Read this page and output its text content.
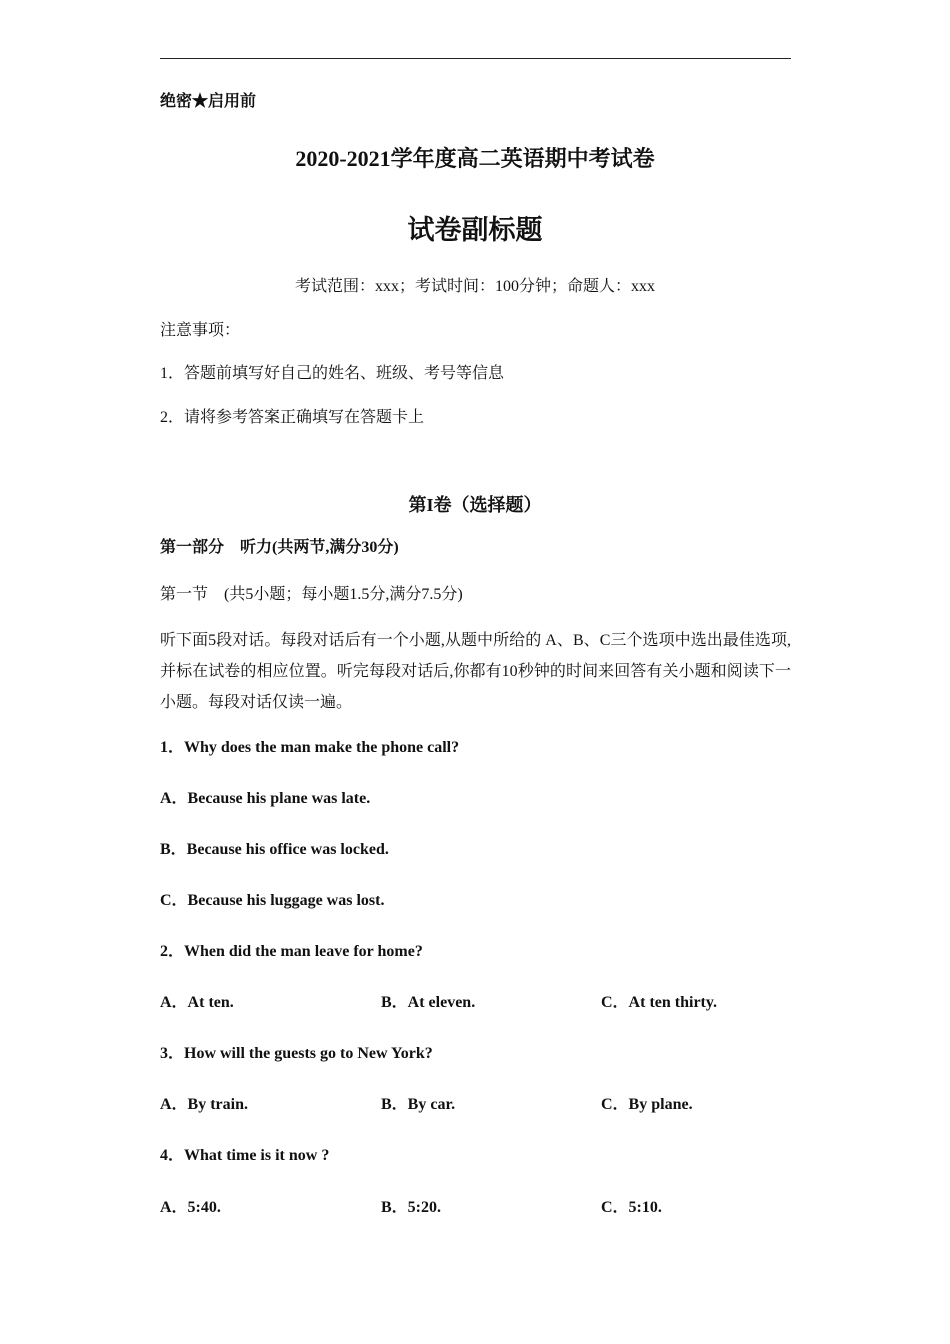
绝密★启用前
2020-2021学年度高二英语期中考试卷
试卷副标题
考试范围：xxx；考试时间：100分钟；命题人：xxx
注意事项：
1．答题前填写好自己的姓名、班级、考号等信息
2．请将参考答案正确填写在答题卡上
第I卷（选择题）
第一部分　听力(共两节,满分30分)
第一节　(共5小题；每小题1.5分,满分7.5分)
听下面5段对话。每段对话后有一个小题,从题中所给的 A、B、C三个选项中选出最佳选项,并标在试卷的相应位置。听完每段对话后,你都有10秒钟的时间来回答有关小题和阅读下一小题。每段对话仅读一遍。
1．Why does the man make the phone call?
A．Because his plane was late.
B．Because his office was locked.
C．Because his luggage was lost.
2．When did the man leave for home?
A．At ten.	B．At eleven.	C．At ten thirty.
3．How will the guests go to New York?
A．By train.	B．By car.	C．By plane.
4．What time is it now ?
A．5:40.	B．5:20.	C．5:10.
